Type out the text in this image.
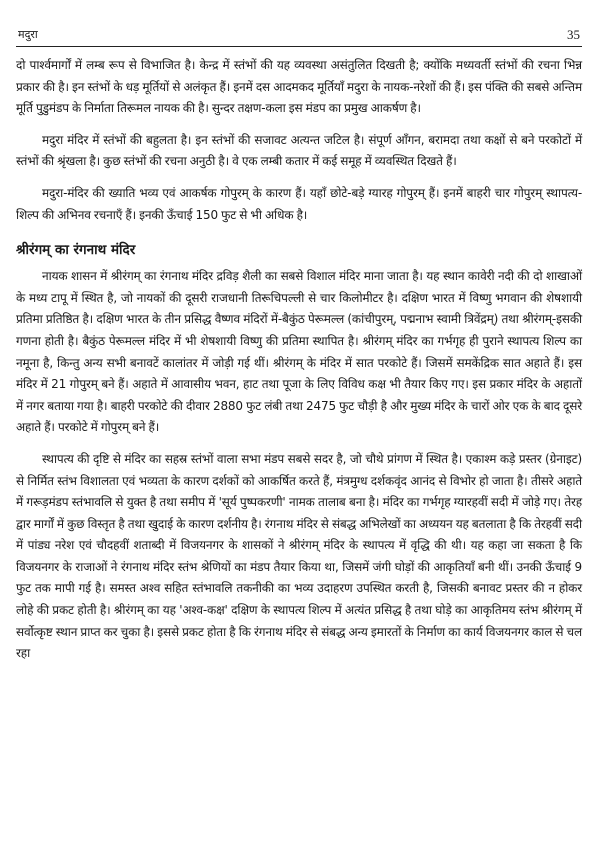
मदुरा	35

दो पार्श्वमार्गों में लम्ब रूप से विभाजित है। केन्द्र में स्तंभों की यह व्यवस्था असंतुलित दिखती है; क्योंकि मध्यवर्ती स्तंभों की रचना भिन्न प्रकार की है। इन स्तंभों के धड़ मूर्तियों से अलंकृत हैं। इनमें दस आदमकद मूर्तियाँ मदुरा के नायक-नरेशों की हैं। इस पंक्ति की सबसे अन्तिम मूर्ति पुडुमंडप के निर्माता तिरूमल नायक की है। सुन्दर तक्षण-कला इस मंडप का प्रमुख आकर्षण है।

मदुरा मंदिर में स्तंभों की बहुलता है। इन स्तंभों की सजावट अत्यन्त जटिल है। संपूर्ण आँगन, बरामदा तथा कक्षों से बने परकोटों में स्तंभों की श्रृंखला है। कुछ स्तंभों की रचना अनुठी है। वे एक लम्बी कतार में कई समूह में व्यवस्थित दिखते हैं।

मदुरा-मंदिर की ख्याति भव्य एवं आकर्षक गोपुरम् के कारण हैं। यहाँ छोटे-बड़े ग्यारह गोपुरम् हैं। इनमें बाहरी चार गोपुरम् स्थापत्य-शिल्प की अभिनव रचनाएँ हैं। इनकी ऊँचाई 150 फुट से भी अधिक है।

श्रीरंगम् का रंगनाथ मंदिर

नायक शासन में श्रीरंगम् का रंगनाथ मंदिर द्रविड़ शैली का सबसे विशाल मंदिर माना जाता है। यह स्थान कावेरी नदी की दो शाखाओं के मध्य टापू में स्थित है, जो नायकों की दूसरी राजधानी तिरूचिपल्ली से चार किलोमीटर है। दक्षिण भारत में विष्णु भगवान की शेषशायी प्रतिमा प्रतिष्ठित है। दक्षिण भारत के तीन प्रसिद्ध वैष्णव मंदिरों में-बैकुंठ पेरूमल्ल (कांचीपुरम्, पद्मनाभ स्वामी त्रिवेंद्रम्) तथा श्रीरंगम्-इसकी गणना होती है। बैकुंठ पेरूमल्ल मंदिर में भी शेषशायी विष्णु की प्रतिमा स्थापित है। श्रीरंगम् मंदिर का गर्भगृह ही पुराने स्थापत्य शिल्प का नमूना है, किन्तु अन्य सभी बनावटें कालांतर में जोड़ी गई थीं। श्रीरंगम् के मंदिर में सात परकोटे हैं। जिसमें समकेंद्रिक सात अहाते हैं। इस मंदिर में 21 गोपुरम् बने हैं। अहाते में आवासीय भवन, हाट तथा पूजा के लिए विविध कक्ष भी तैयार किए गए। इस प्रकार मंदिर के अहातों में नगर बताया गया है। बाहरी परकोटे की दीवार 2880 फुट लंबी तथा 2475 फुट चौड़ी है और मुख्य मंदिर के चारों ओर एक के बाद दूसरे अहाते हैं। परकोटे में गोपुरम् बने हैं।

स्थापत्य की दृष्टि से मंदिर का सहस्र स्तंभों वाला सभा मंडप सबसे सदर है, जो चौथे प्रांगण में स्थित है। एकाश्म कड़े प्रस्तर (ग्रेनाइट) से निर्मित स्तंभ विशालता एवं भव्यता के कारण दर्शकों को आकर्षित करते हैं, मंत्रमुग्ध दर्शकवृंद आनंद से विभोर हो जाता है। तीसरे अहाते में गरूड़मंडप स्तंभावलि से युक्त है तथा समीप में 'सूर्य पुष्पकरणी' नामक तालाब बना है। मंदिर का गर्भगृह ग्यारहवीं सदी में जोड़े गए। तेरह द्वार मार्गों में कुछ विस्तृत है तथा खुदाई के कारण दर्शनीय है। रंगनाथ मंदिर से संबद्ध अभिलेखों का अध्ययन यह बतलाता है कि तेरहवीं सदी में पांड्य नरेश एवं चौदहवीं शताब्दी में विजयनगर के शासकों ने श्रीरंगम् मंदिर के स्थापत्य में वृद्धि की थी। यह कहा जा सकता है कि विजयनगर के राजाओं ने रंगनाथ मंदिर स्तंभ श्रेणियों का मंडप तैयार किया था, जिसमें जंगी घोड़ों की आकृतियाँ बनी थीं। उनकी ऊँचाई 9 फुट तक मापी गई है। समस्त अश्व सहित स्तंभावलि तकनीकी का भव्य उदाहरण उपस्थित करती है, जिसकी बनावट प्रस्तर की न होकर लोहे की प्रकट होती है। श्रीरंगम् का यह 'अश्व-कक्ष' दक्षिण के स्थापत्य शिल्प में अत्यंत प्रसिद्ध है तथा घोड़े का आकृतिमय स्तंभ श्रीरंगम् में सर्वोत्कृष्ट स्थान प्राप्त कर चुका है। इससे प्रकट होता है कि रंगनाथ मंदिर से संबद्ध अन्य इमारतों के निर्माण का कार्य विजयनगर काल से चल रहा
